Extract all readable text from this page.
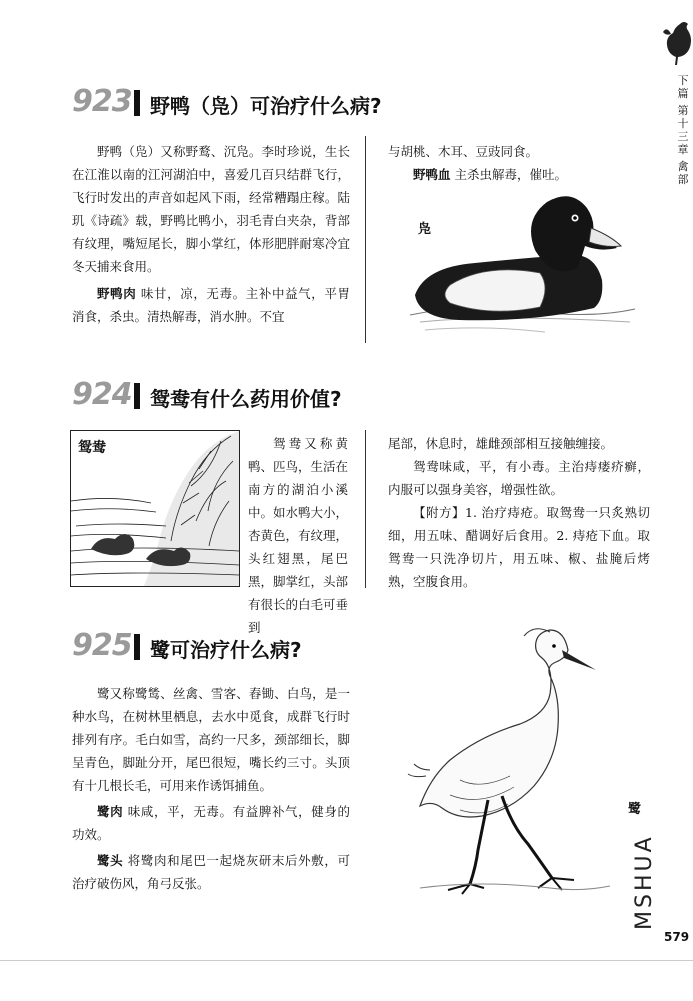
下篇
第十三章
禽部
923 野鸭（凫）可治疗什么病?

野鸭（凫）又称野鹜、沉凫。李时珍说，生长在江淮以南的江河湖泊中，喜爱几百只结群飞行，飞行时发出的声音如起风下雨，经常糟蹋庄稼。陆玑《诗疏》载，野鸭比鸭小，羽毛青白夹杂，背部有纹理，嘴短尾长，脚小掌红，体形肥胖耐寒冷宜冬天捕来食用。

野鸭肉 味甘，凉，无毒。主补中益气，平胃消食，杀虫。清热解毒，消水肿。不宜

与胡桃、木耳、豆豉同食。

野鸭血 主杀虫解毒，催吐。

凫
924 鸳鸯有什么药用价值?
鸳鸯	鸳鸯又称黄鸭、匹鸟，生活在南方的湖泊小溪中。如水鸭大小，杏黄色，有纹理，头红翅黑，尾巴黑，脚掌红，头部有很长的白毛可垂到

尾部，休息时，雄雌颈部相互接触缠接。

鸳鸯味咸，平，有小毒。主治痔瘘疥癣，内服可以强身美容，增强性欲。

【附方】1. 治疗痔疮。取鸳鸯一只炙熟切细，用五味、醋调好后食用。2. 痔疮下血。取鸳鸯一只洗净切片，用五味、椒、盐腌后烤熟，空腹食用。

925 鹭可治疗什么病?

鹭又称鹭鸶、丝禽、雪客、舂锄、白鸟，是一种水鸟，在树林里栖息，去水中觅食，成群飞行时排列有序。毛白如雪，高约一尺多，颈部细长，脚呈青色，脚趾分开，尾巴很短，嘴长约三寸。头顶有十几根长毛，可用来作诱饵捕鱼。

鹭肉 味咸，平，无毒。有益脾补气，健身的功效。

鹭头 将鹭肉和尾巴一起烧灰研末后外敷，可治疗破伤风，角弓反张。

鹭
579
MSHUA
